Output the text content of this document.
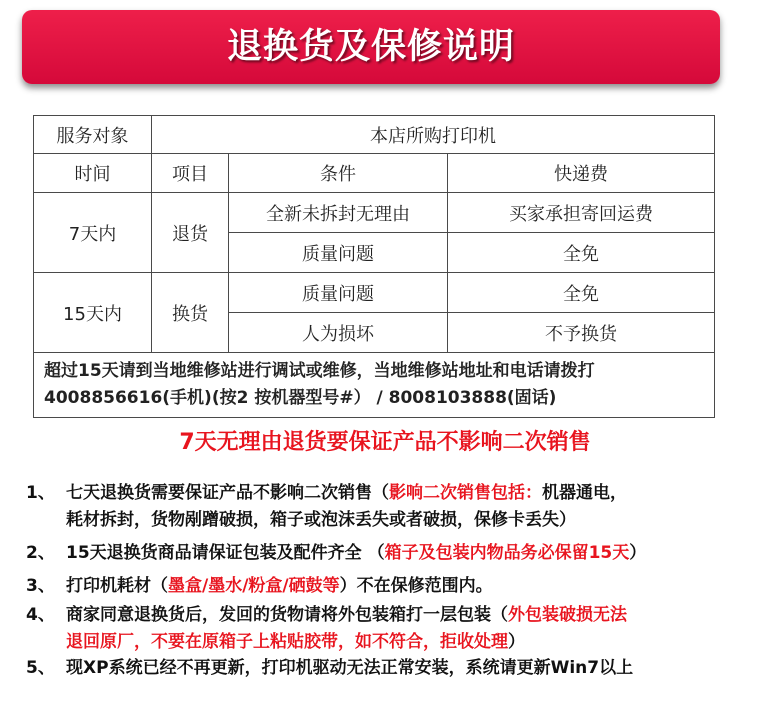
退换货及保修说明
服务对象	本店所购打印机		
时间	项目	条件	快递费
7天内	退货	全新未拆封无理由	买家承担寄回运费
		质量问题	全免
15天内	换货	质量问题	全免
		人为损坏	不予换货

超过15天请到当地维修站进行调试或维修，当地维修站地址和电话请拨打
4008856616(手机)(按2 按机器型号#） / 8008103888(固话)			
7天无理由退货要保证产品不影响二次销售
1、 七天退换货需要保证产品不影响二次销售（影响二次销售包括：机器通电，
耗材拆封，货物剐蹭破损，箱子或泡沫丢失或者破损，保修卡丢失）
2、 15天退换货商品请保证包装及配件齐全 （箱子及包装内物品务必保留15天）
3、 打印机耗材（墨盒/墨水/粉盒/硒鼓等）不在保修范围内。
4、 商家同意退换货后，发回的货物请将外包装箱打一层包装（外包装破损无法
退回原厂，不要在原箱子上粘贴胶带，如不符合，拒收处理）
5、 现XP系统已经不再更新，打印机驱动无法正常安装，系统请更新Win7以上
